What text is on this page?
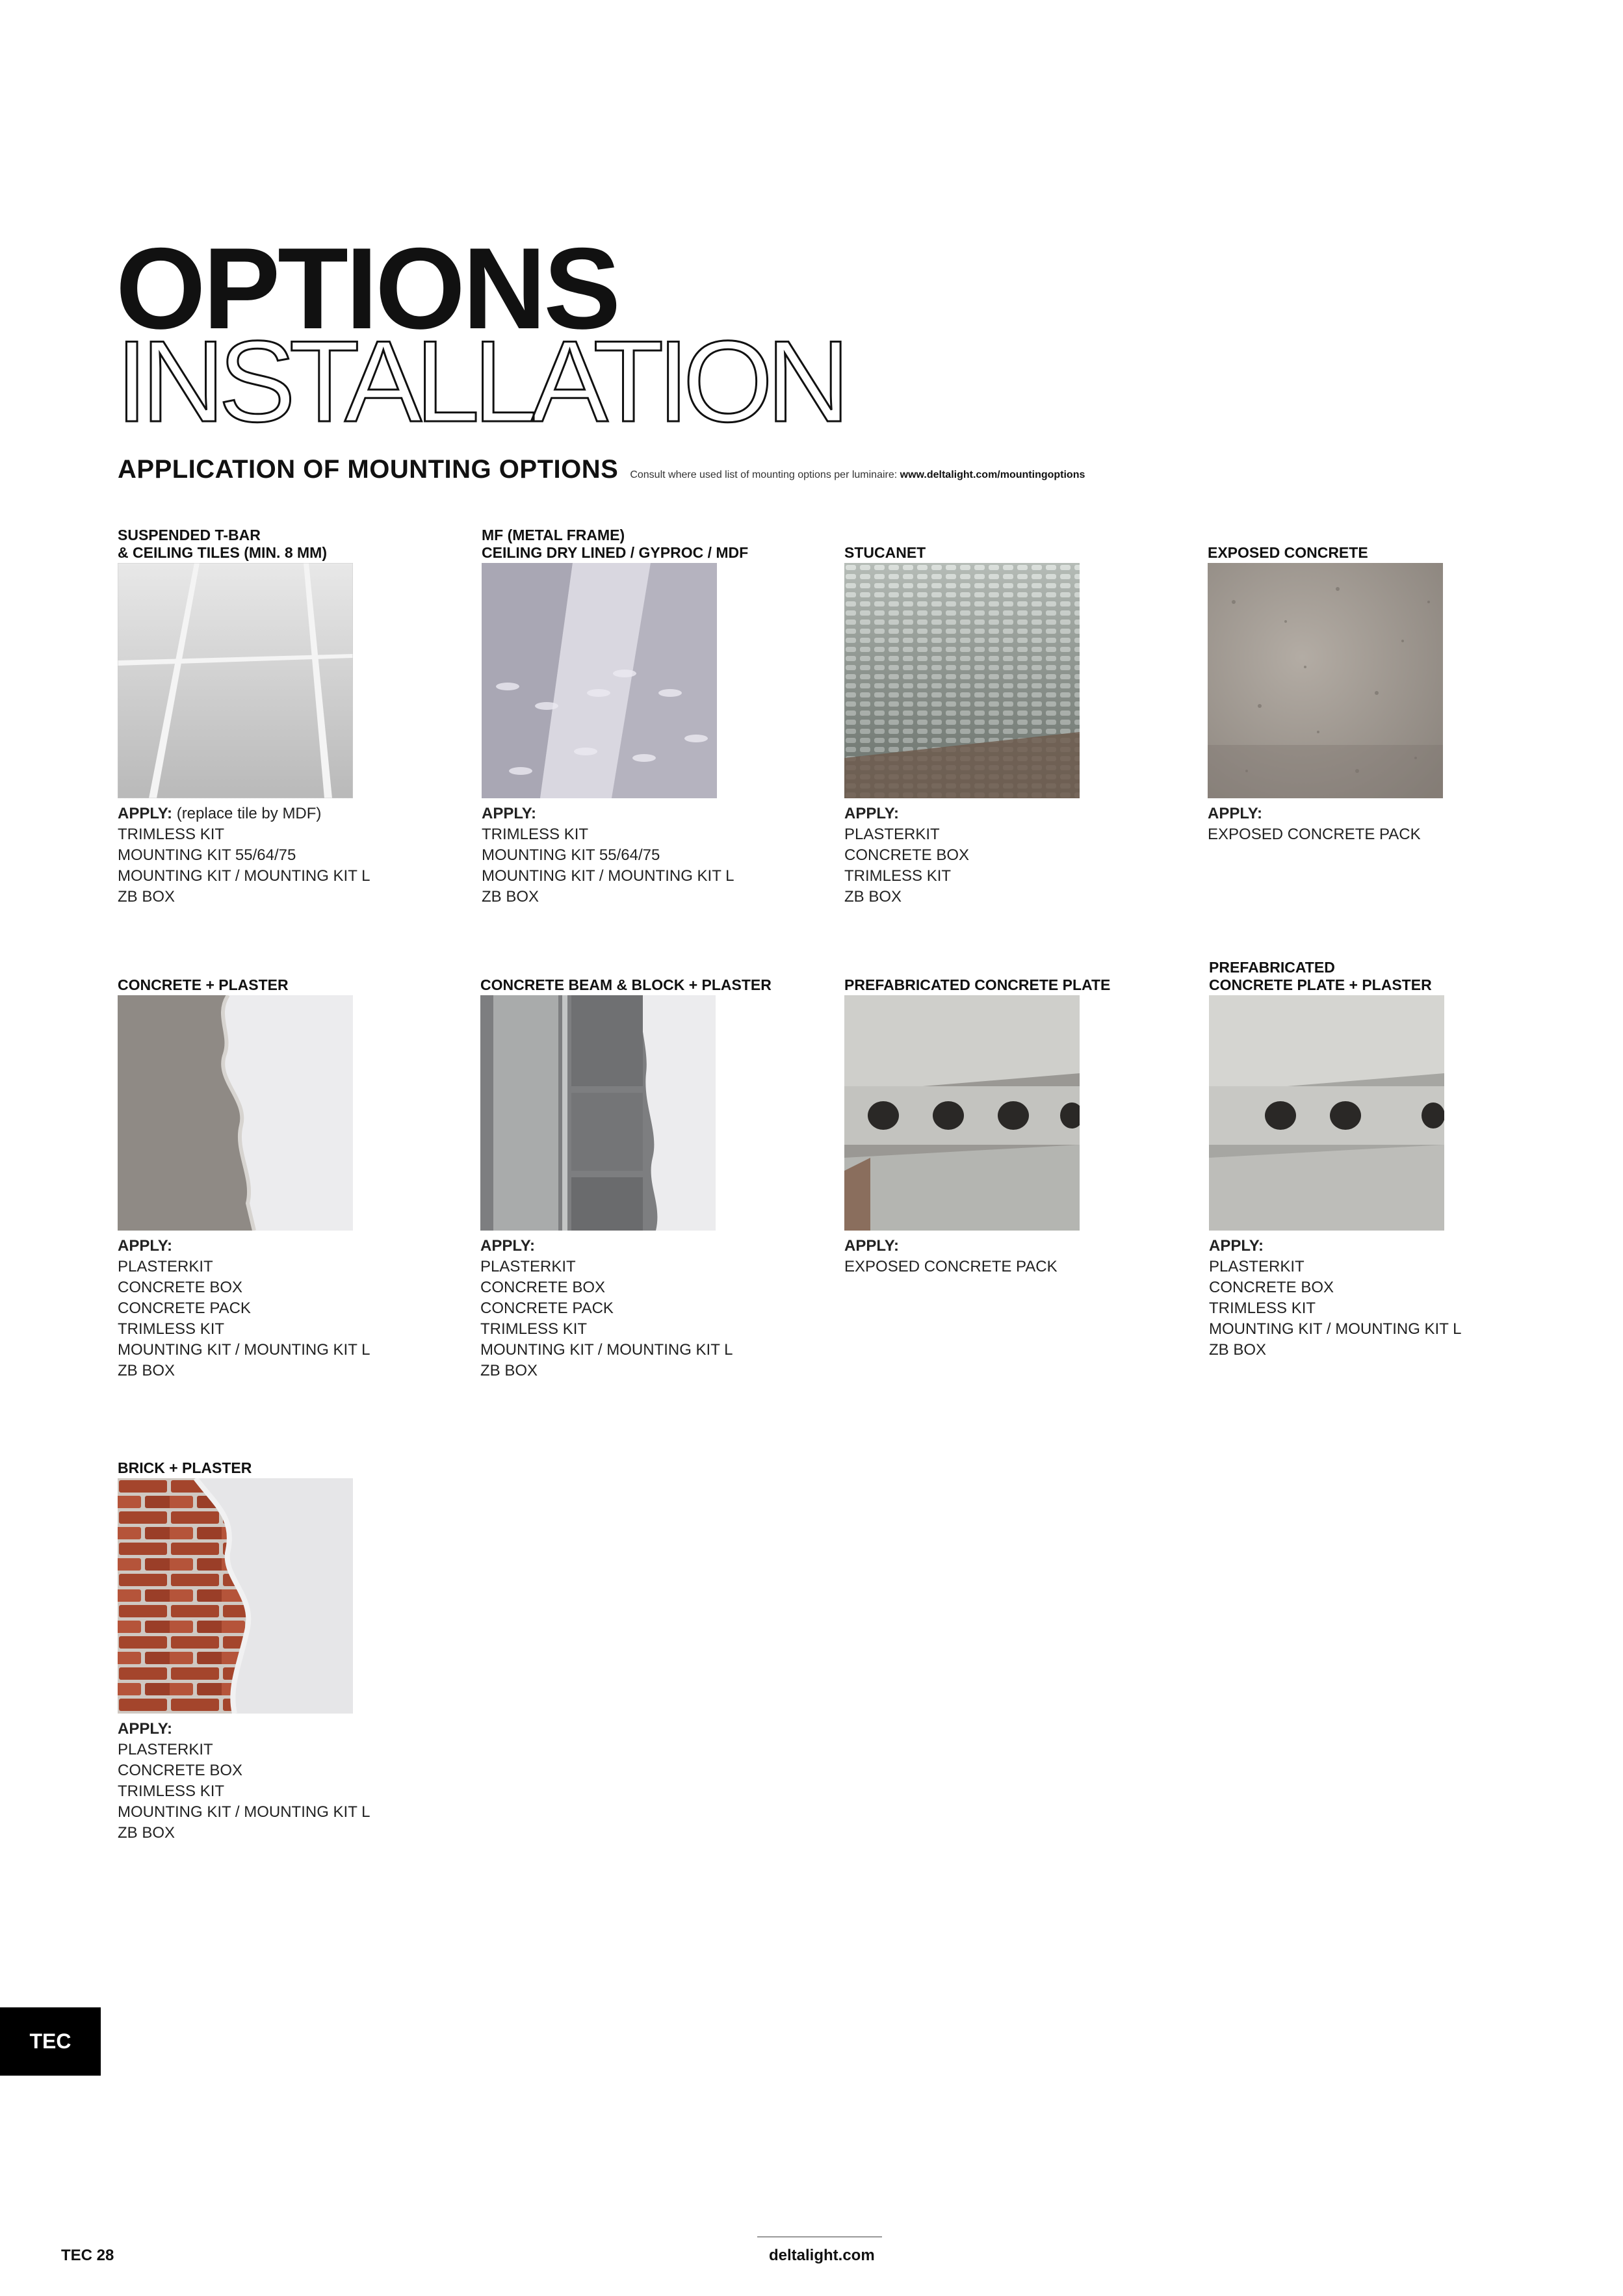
OPTIONS
INSTALLATION
APPLICATION OF MOUNTING OPTIONS Consult where used list of mounting options per luminaire: www.deltalight.com/mountingoptions
SUSPENDED T-BAR
& CEILING TILES (MIN. 8 MM)
APPLY: (replace tile by MDF)
TRIMLESS KIT
MOUNTING KIT 55/64/75
MOUNTING KIT / MOUNTING KIT L
ZB BOX
MF (METAL FRAME)
CEILING DRY LINED / GYPROC / MDF
APPLY:
TRIMLESS KIT
MOUNTING KIT 55/64/75
MOUNTING KIT / MOUNTING KIT L
ZB BOX
STUCANET
APPLY:
PLASTERKIT
CONCRETE BOX
TRIMLESS KIT
ZB BOX
EXPOSED CONCRETE
APPLY:
EXPOSED CONCRETE PACK
CONCRETE + PLASTER
APPLY:
PLASTERKIT
CONCRETE BOX
CONCRETE PACK
TRIMLESS KIT
MOUNTING KIT / MOUNTING KIT L
ZB BOX
CONCRETE BEAM & BLOCK + PLASTER
APPLY:
PLASTERKIT
CONCRETE BOX
CONCRETE PACK
TRIMLESS KIT
MOUNTING KIT / MOUNTING KIT L
ZB BOX
PREFABRICATED CONCRETE PLATE
APPLY:
EXPOSED CONCRETE PACK
PREFABRICATED
CONCRETE PLATE + PLASTER
APPLY:
PLASTERKIT
CONCRETE BOX
TRIMLESS KIT
MOUNTING KIT / MOUNTING KIT L
ZB BOX
BRICK + PLASTER
APPLY:
PLASTERKIT
CONCRETE BOX
TRIMLESS KIT
MOUNTING KIT / MOUNTING KIT L
ZB BOX
TEC
TEC 28	deltalight.com
